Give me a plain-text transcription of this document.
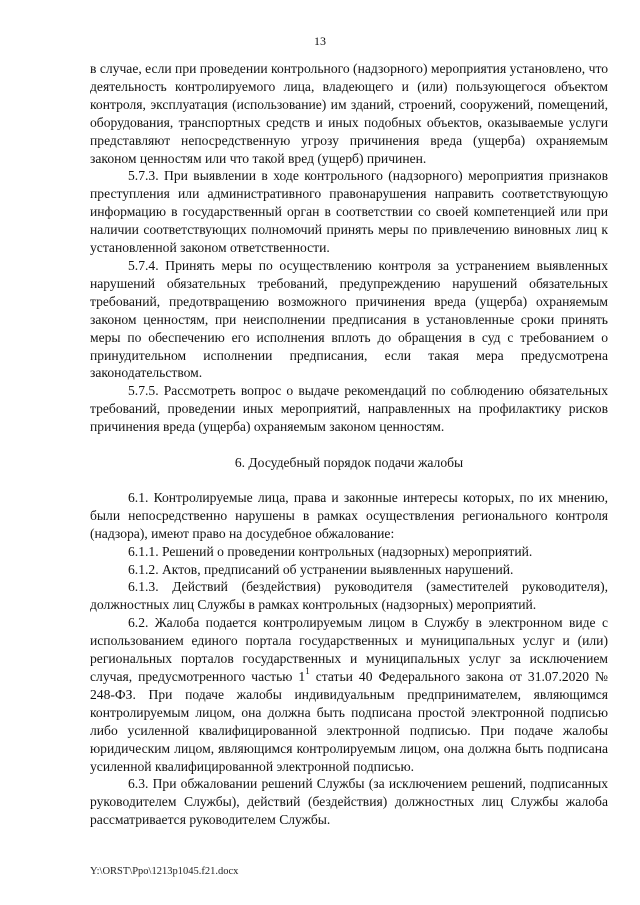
13

в случае, если при проведении контрольного (надзорного) мероприятия установлено, что деятельность контролируемого лица, владеющего и (или) пользующегося объектом контроля, эксплуатация (использование) им зданий, строений, сооружений, помещений, оборудования, транспортных средств и иных подобных объектов, оказываемые услуги представляют непосредственную угрозу причинения вреда (ущерба) охраняемым законом ценностям или что такой вред (ущерб) причинен.

5.7.3. При выявлении в ходе контрольного (надзорного) мероприятия признаков преступления или административного правонарушения направить соответствующую информацию в государственный орган в соответствии со своей компетенцией или при наличии соответствующих полномочий принять меры по привлечению виновных лиц к установленной законом ответственности.

5.7.4. Принять меры по осуществлению контроля за устранением выявленных нарушений обязательных требований, предупреждению нарушений обязательных требований, предотвращению возможного причинения вреда (ущерба) охраняемым законом ценностям, при неисполнении предписания в установленные сроки принять меры по обеспечению его исполнения вплоть до обращения в суд с требованием о принудительном исполнении предписания, если такая мера предусмотрена законодательством.

5.7.5. Рассмотреть вопрос о выдаче рекомендаций по соблюдению обязательных требований, проведении иных мероприятий, направленных на профилактику рисков причинения вреда (ущерба) охраняемым законом ценностям.

6. Досудебный порядок подачи жалобы

6.1. Контролируемые лица, права и законные интересы которых, по их мнению, были непосредственно нарушены в рамках осуществления регионального контроля (надзора), имеют право на досудебное обжалование:

6.1.1. Решений о проведении контрольных (надзорных) мероприятий.

6.1.2. Актов, предписаний об устранении выявленных нарушений.

6.1.3. Действий (бездействия) руководителя (заместителей руководителя), должностных лиц Службы в рамках контрольных (надзорных) мероприятий.

6.2. Жалоба подается контролируемым лицом в Службу в электронном виде с использованием единого портала государственных и муниципальных услуг и (или) региональных порталов государственных и муниципальных услуг за исключением случая, предусмотренного частью $1^1$ статьи 40 Федерального закона от 31.07.2020 № 248-ФЗ. При подаче жалобы индивидуальным предпринимателем, являющимся контролируемым лицом, она должна быть подписана простой электронной подписью либо усиленной квалифицированной электронной подписью. При подаче жалобы юридическим лицом, являющимся контролируемым лицом, она должна быть подписана усиленной квалифицированной электронной подписью.

6.3. При обжаловании решений Службы (за исключением решений, подписанных руководителем Службы), действий (бездействия) должностных лиц Службы жалоба рассматривается руководителем Службы.

Y:\ORST\Ppo\1213p1045.f21.docx
